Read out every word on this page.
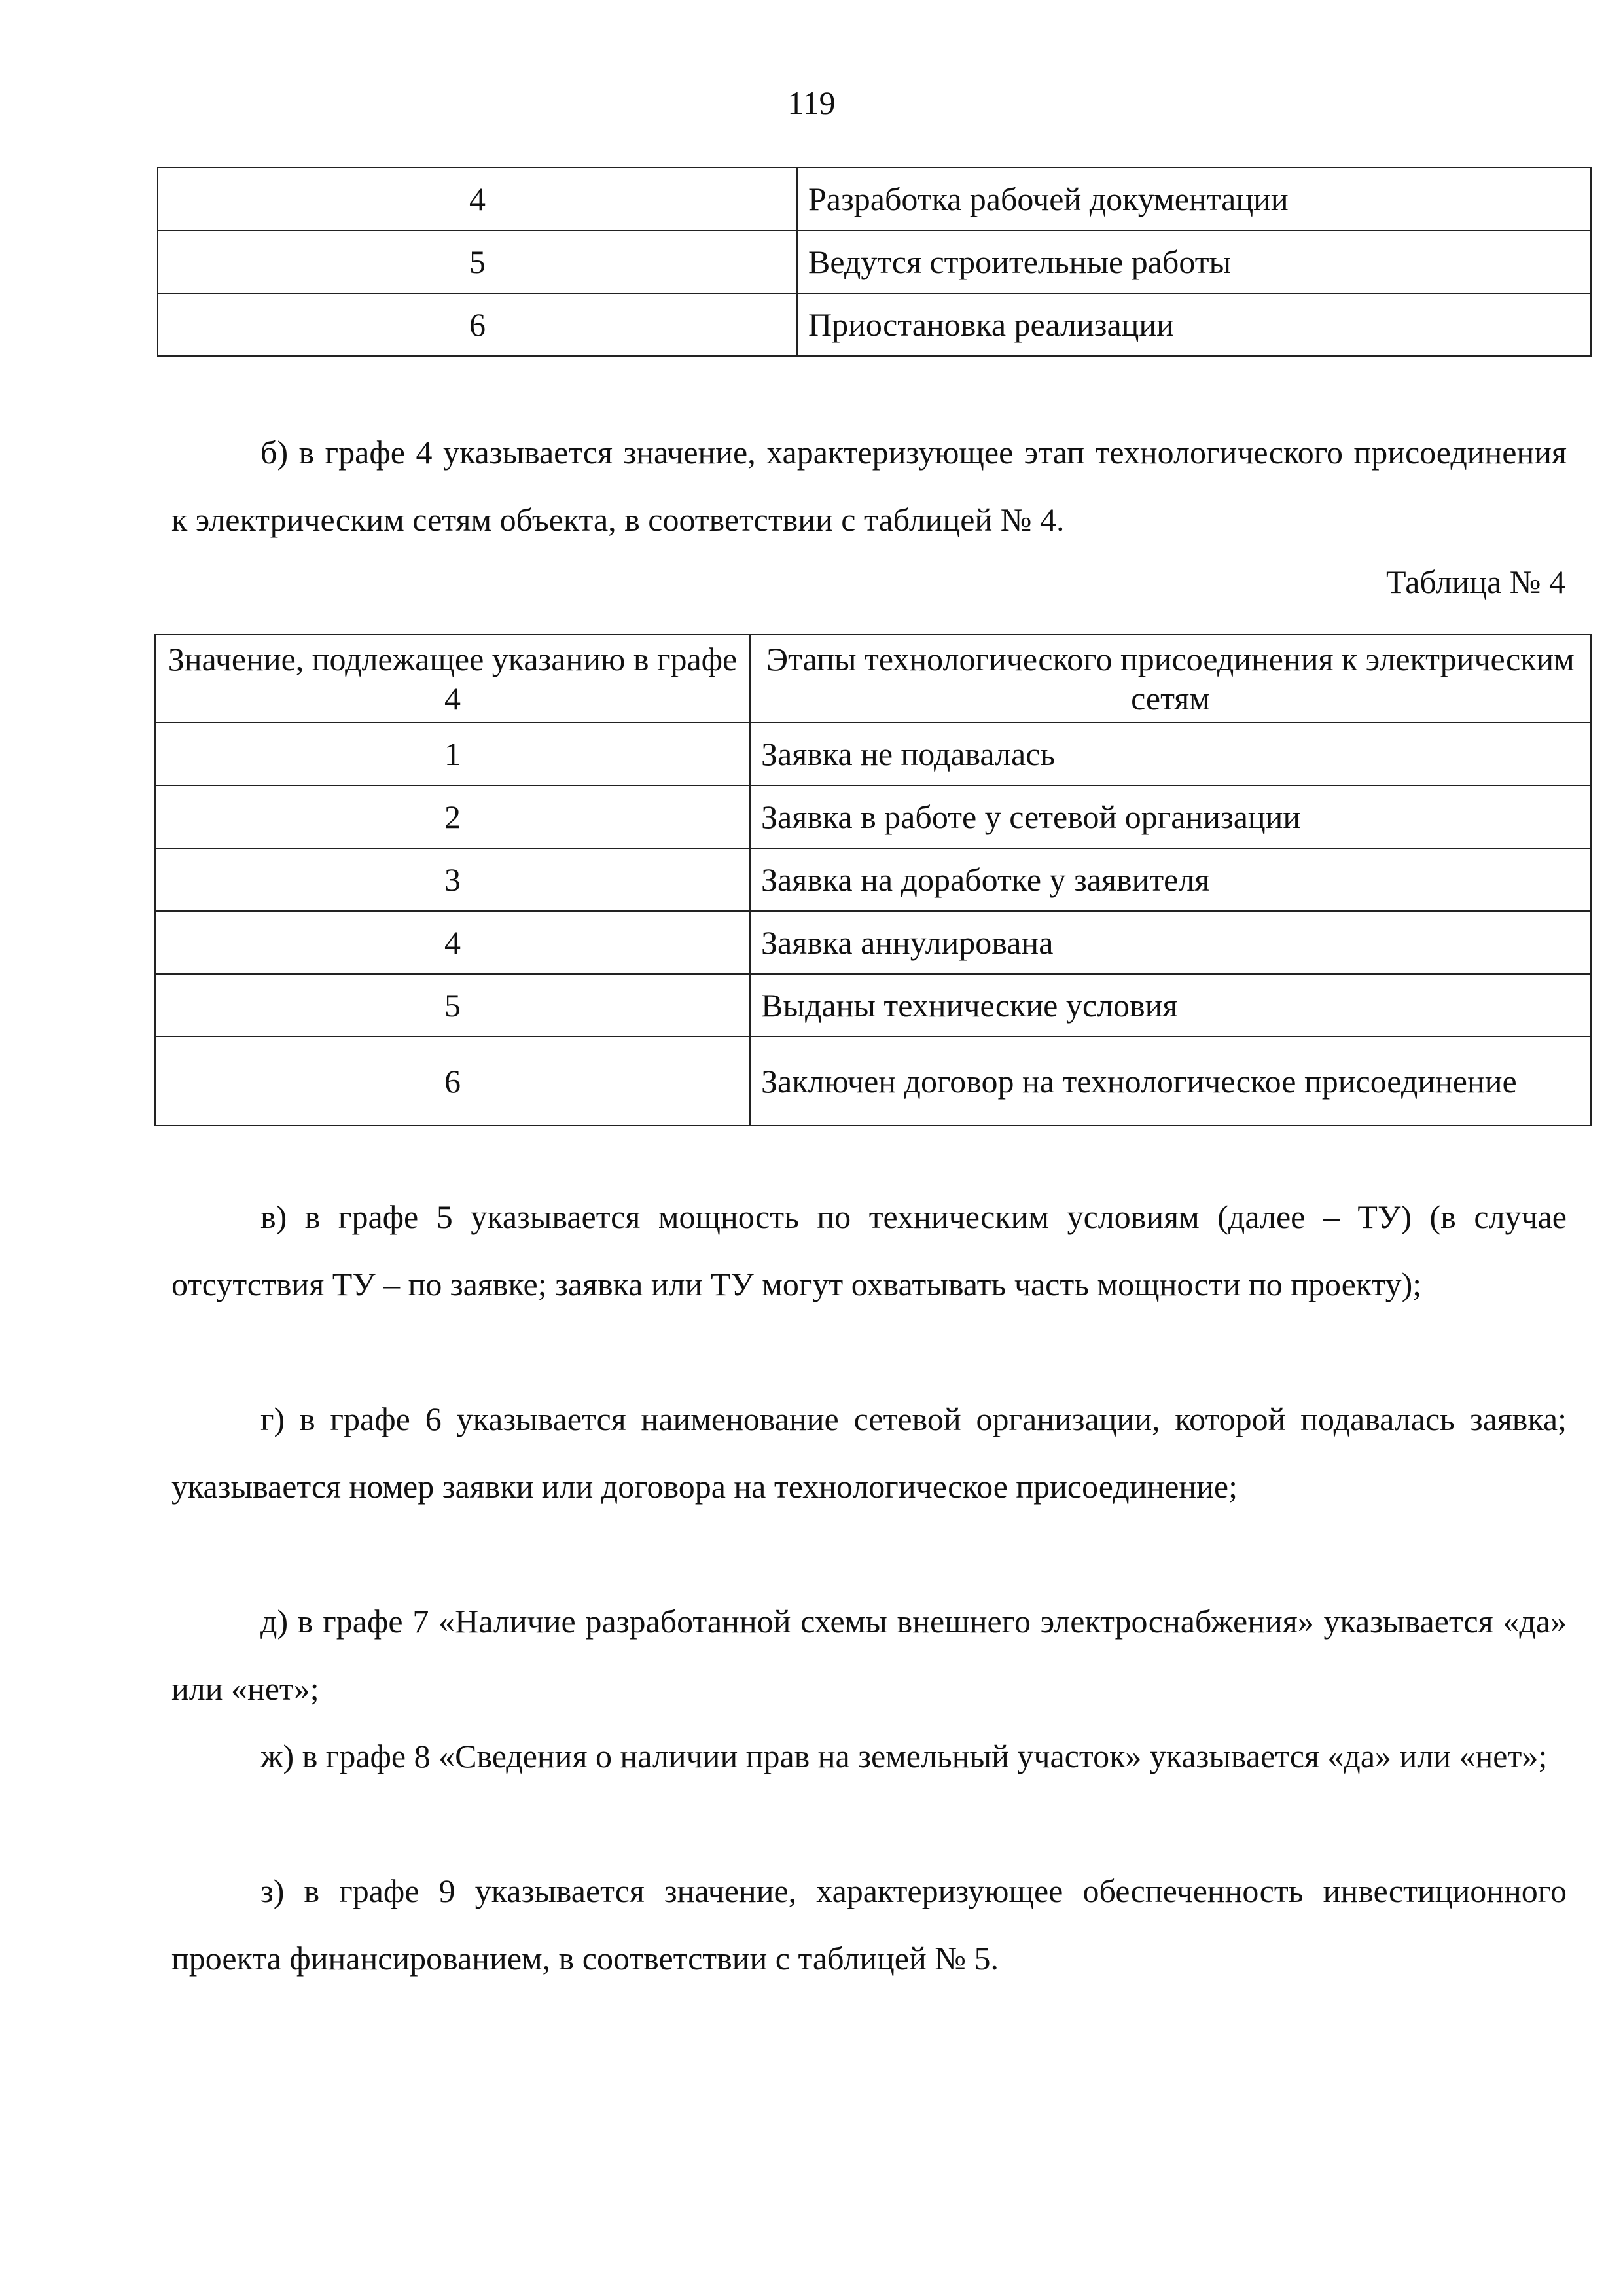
119
4	Разработка рабочей документации
5	Ведутся строительные работы
6	Приостановка реализации

б) в графе 4 указывается значение, характеризующее этап технологического присоединения к электрическим сетям объекта, в соответствии с таблицей № 4.

Таблица № 4
Значение, подлежащее указанию в графе 4	Этапы технологического присоединения к электрическим сетям
1	Заявка не подавалась
2	Заявка в работе у сетевой организации
3	Заявка на доработке у заявителя
4	Заявка аннулирована
5	Выданы технические условия
6	Заключен договор на технологическое присоединение

в) в графе 5 указывается мощность по техническим условиям (далее – ТУ) (в случае отсутствия ТУ – по заявке; заявка или ТУ могут охватывать часть мощности по проекту);

г) в графе 6 указывается наименование сетевой организации, которой подавалась заявка; указывается номер заявки или договора на технологическое присоединение;

д) в графе 7 «Наличие разработанной схемы внешнего электроснабжения» указывается «да» или «нет»;

ж) в графе 8 «Сведения о наличии прав на земельный участок» указывается «да» или «нет»;

з) в графе 9 указывается значение, характеризующее обеспеченность инвестиционного проекта финансированием, в соответствии с таблицей № 5.
